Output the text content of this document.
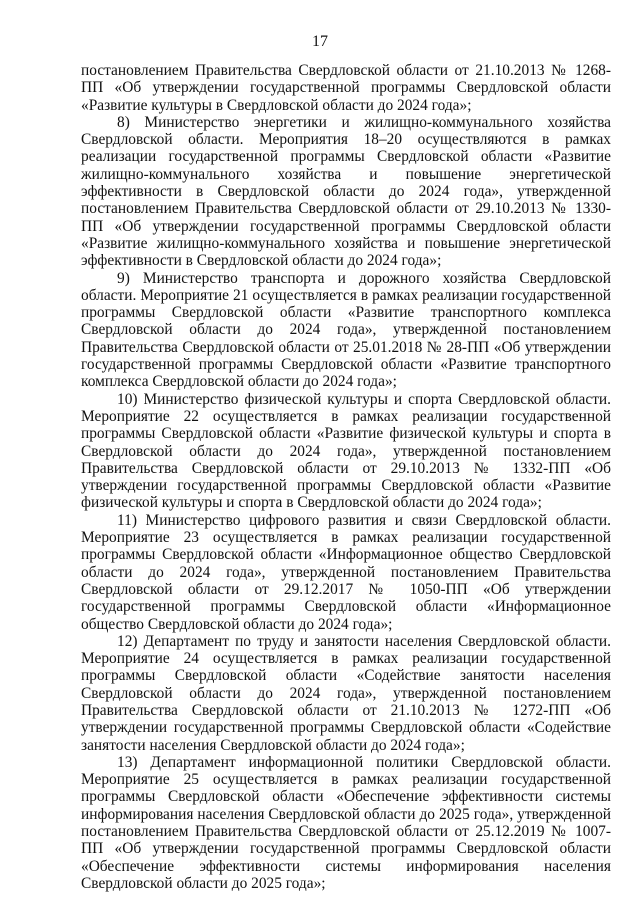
17

постановлением Правительства Свердловской области от 21.10.2013 № 1268-ПП «Об утверждении государственной программы Свердловской области «Развитие культуры в Свердловской области до 2024 года»;

8) Министерство энергетики и жилищно-коммунального хозяйства Свердловской области. Мероприятия 18–20 осуществляются в рамках реализации государственной программы Свердловской области «Развитие жилищно-коммунального хозяйства и повышение энергетической эффективности в Свердловской области до 2024 года», утвержденной постановлением Правительства Свердловской области от 29.10.2013 № 1330-ПП «Об утверждении государственной программы Свердловской области «Развитие жилищно-коммунального хозяйства и повышение энергетической эффективности в Свердловской области до 2024 года»;

9) Министерство транспорта и дорожного хозяйства Свердловской области. Мероприятие 21 осуществляется в рамках реализации государственной программы Свердловской области «Развитие транспортного комплекса Свердловской области до 2024 года», утвержденной постановлением Правительства Свердловской области от 25.01.2018 № 28-ПП «Об утверждении государственной программы Свердловской области «Развитие транспортного комплекса Свердловской области до 2024 года»;

10) Министерство физической культуры и спорта Свердловской области. Мероприятие 22 осуществляется в рамках реализации государственной программы Свердловской области «Развитие физической культуры и спорта в Свердловской области до 2024 года», утвержденной постановлением Правительства Свердловской области от 29.10.2013 № 1332-ПП «Об утверждении государственной программы Свердловской области «Развитие физической культуры и спорта в Свердловской области до 2024 года»;

11) Министерство цифрового развития и связи Свердловской области. Мероприятие 23 осуществляется в рамках реализации государственной программы Свердловской области «Информационное общество Свердловской области до 2024 года», утвержденной постановлением Правительства Свердловской области от 29.12.2017 № 1050-ПП «Об утверждении государственной программы Свердловской области «Информационное общество Свердловской области до 2024 года»;

12) Департамент по труду и занятости населения Свердловской области. Мероприятие 24 осуществляется в рамках реализации государственной программы Свердловской области «Содействие занятости населения Свердловской области до 2024 года», утвержденной постановлением Правительства Свердловской области от 21.10.2013 № 1272-ПП «Об утверждении государственной программы Свердловской области «Содействие занятости населения Свердловской области до 2024 года»;

13) Департамент информационной политики Свердловской области. Мероприятие 25 осуществляется в рамках реализации государственной программы Свердловской области «Обеспечение эффективности системы информирования населения Свердловской области до 2025 года», утвержденной постановлением Правительства Свердловской области от 25.12.2019 № 1007-ПП «Об утверждении государственной программы Свердловской области «Обеспечение эффективности системы информирования населения Свердловской области до 2025 года»;
